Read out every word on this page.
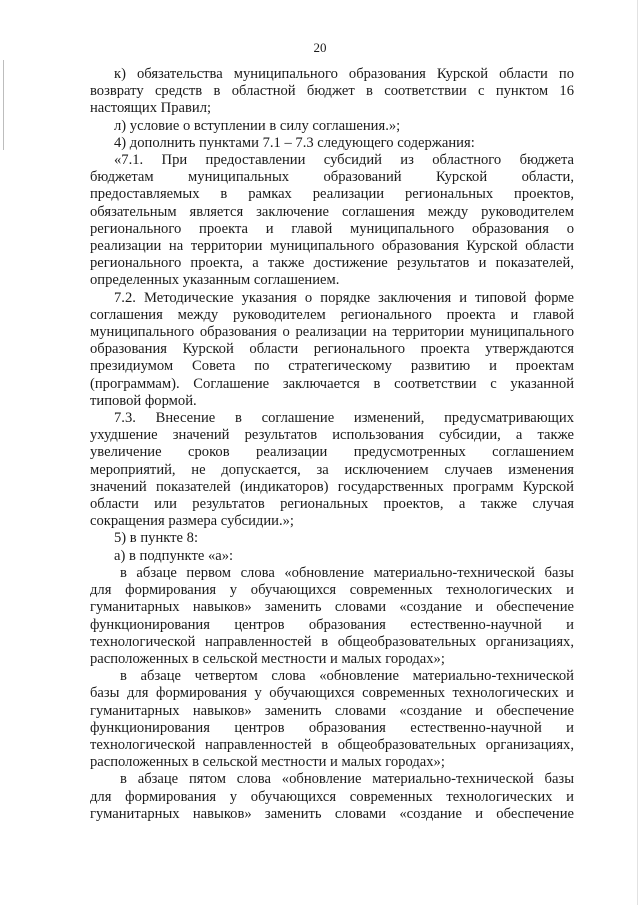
20

к) обязательства муниципального образования Курской области по

возврату средств в областной бюджет в соответствии с пунктом 16

настоящих Правил;

л) условие о вступлении в силу соглашения.»;

4) дополнить пунктами 7.1 – 7.3 следующего содержания:

«7.1. При предоставлении субсидий из областного бюджета

бюджетам муниципальных образований Курской области,

предоставляемых в рамках реализации региональных проектов,

обязательным является заключение соглашения между руководителем

регионального проекта и главой муниципального образования о

реализации на территории муниципального образования Курской области

регионального проекта, а также достижение результатов и показателей,

определенных указанным соглашением.

7.2. Методические указания о порядке заключения и типовой форме

соглашения между руководителем регионального проекта и главой

муниципального образования о реализации на территории муниципального

образования Курской области регионального проекта утверждаются

президиумом Совета по стратегическому развитию и проектам

(программам). Соглашение заключается в соответствии с указанной

типовой формой.

7.3. Внесение в соглашение изменений, предусматривающих

ухудшение значений результатов использования субсидии, а также

увеличение сроков реализации предусмотренных соглашением

мероприятий, не допускается, за исключением случаев изменения

значений показателей (индикаторов) государственных программ Курской

области или результатов региональных проектов, а также случая

сокращения размера субсидии.»;

5) в пункте 8:

а) в подпункте «а»:

в абзаце первом слова «обновление материально-технической базы

для формирования у обучающихся современных технологических и

гуманитарных навыков» заменить словами «создание и обеспечение

функционирования центров образования естественно-научной и

технологической направленностей в общеобразовательных организациях,

расположенных в сельской местности и малых городах»;

в абзаце четвертом слова «обновление материально-технической

базы для формирования у обучающихся современных технологических и

гуманитарных навыков» заменить словами «создание и обеспечение

функционирования центров образования естественно-научной и

технологической направленностей в общеобразовательных организациях,

расположенных в сельской местности и малых городах»;

в абзаце пятом слова «обновление материально-технической базы

для формирования у обучающихся современных технологических и

гуманитарных навыков» заменить словами «создание и обеспечение
